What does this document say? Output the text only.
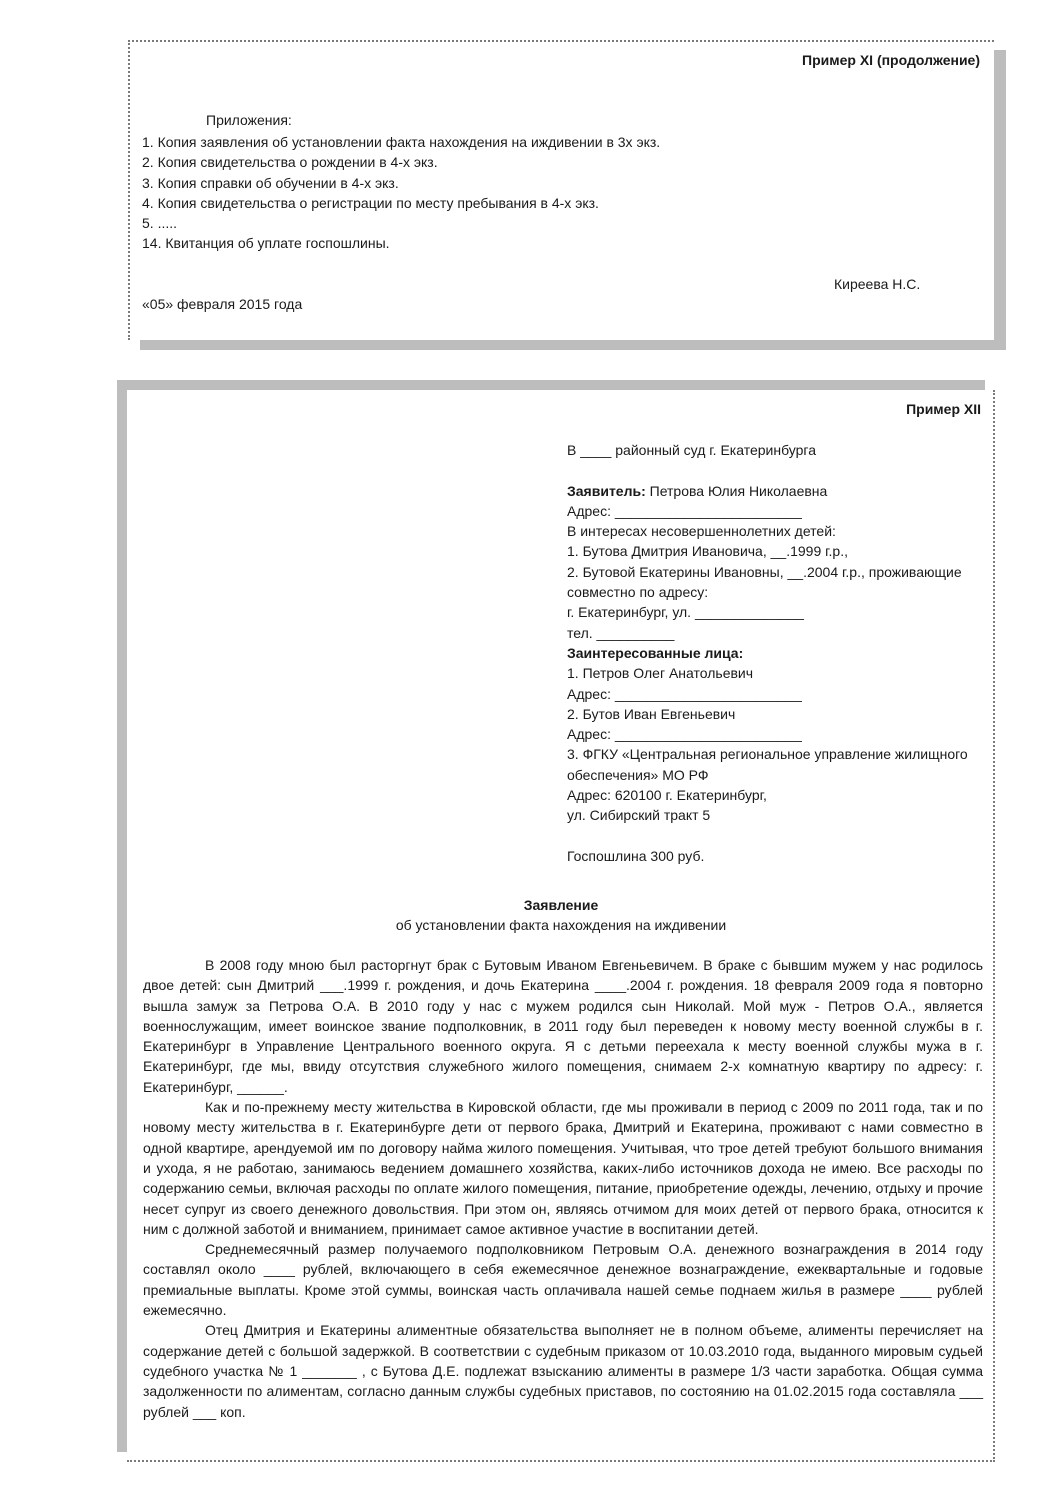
Пример XI (продолжение)
Приложения:
1. Копия заявления об установлении факта нахождения на иждивении в 3х экз.
2. Копия свидетельства о рождении в 4-х экз.
3. Копия справки об обучении в 4-х экз.
4. Копия свидетельства о регистрации по месту пребывания в 4-х экз.
5. .....
14. Квитанция об уплате госпошлины.
Киреева Н.С.
«05» февраля 2015 года
Пример XII
В ____ районный суд г. Екатеринбурга
Заявитель: Петрова Юлия Николаевна
Адрес: ________________________
В интересах несовершеннолетних детей:
1. Бутова Дмитрия Ивановича, __.1999 г.р.,
2. Бутовой Екатерины Ивановны, __.2004 г.р., проживающие
совместно по адресу:
г. Екатеринбург, ул. ______________
тел. __________
Заинтересованные лица:
1. Петров Олег Анатольевич
Адрес: ________________________
2. Бутов Иван Евгеньевич
Адрес: ________________________
3. ФГКУ «Центральная региональное управление жилищного
обеспечения» МО РФ
Адрес: 620100 г. Екатеринбург,
ул. Сибирский тракт 5
Госпошлина 300 руб.
Заявление
об установлении факта нахождения на иждивении

В 2008 году мною был расторгнут брак с Бутовым Иваном Евгеньевичем. В браке с бывшим мужем у нас родилось двое детей: сын Дмитрий ___.1999 г. рождения, и дочь Екатерина ____.2004 г. рождения. 18 февраля 2009 года я повторно вышла замуж за Петрова О.А. В 2010 году у нас с мужем родился сын Николай. Мой муж - Петров О.А., является военнослужащим, имеет воинское звание подполковник, в 2011 году был переведен к новому месту военной службы в г. Екатеринбург в Управление Центрального военного округа. Я с детьми переехала к месту военной службы мужа в г. Екатеринбург, где мы, ввиду отсутствия служебного жилого помещения, снимаем 2-х комнатную квартиру по адресу: г. Екатеринбург, ______.

Как и по-прежнему месту жительства в Кировской области, где мы проживали в период с 2009 по 2011 года, так и по новому месту жительства в г. Екатеринбурге дети от первого брака, Дмитрий и Екатерина, проживают с нами совместно в одной квартире, арендуемой им по договору найма жилого помещения. Учитывая, что трое детей требуют большого внимания и ухода, я не работаю, занимаюсь ведением домашнего хозяйства, каких-либо источников дохода не имею. Все расходы по содержанию семьи, включая расходы по оплате жилого помещения, питание, приобретение одежды, лечению, отдыху и прочие несет супруг из своего денежного довольствия. При этом он, являясь отчимом для моих детей от первого брака, относится к ним с должной заботой и вниманием, принимает самое активное участие в воспитании детей.

Среднемесячный размер получаемого подполковником Петровым О.А. денежного вознаграждения в 2014 году составлял около ____ рублей, включающего в себя ежемесячное денежное вознаграждение, ежеквартальные и годовые премиальные выплаты. Кроме этой суммы, воинская часть оплачивала нашей семье поднаем жилья в размере ____ рублей ежемесячно.

Отец Дмитрия и Екатерины алиментные обязательства выполняет не в полном объеме, алименты перечисляет на содержание детей с большой задержкой. В соответствии с судебным приказом от 10.03.2010 года, выданного мировым судьей судебного участка № 1 _______ , с Бутова Д.Е. подлежат взысканию алименты в размере 1/3 части заработка. Общая сумма задолженности по алиментам, согласно данным службы судебных приставов, по состоянию на 01.02.2015 года составляла ___ рублей ___ коп.
